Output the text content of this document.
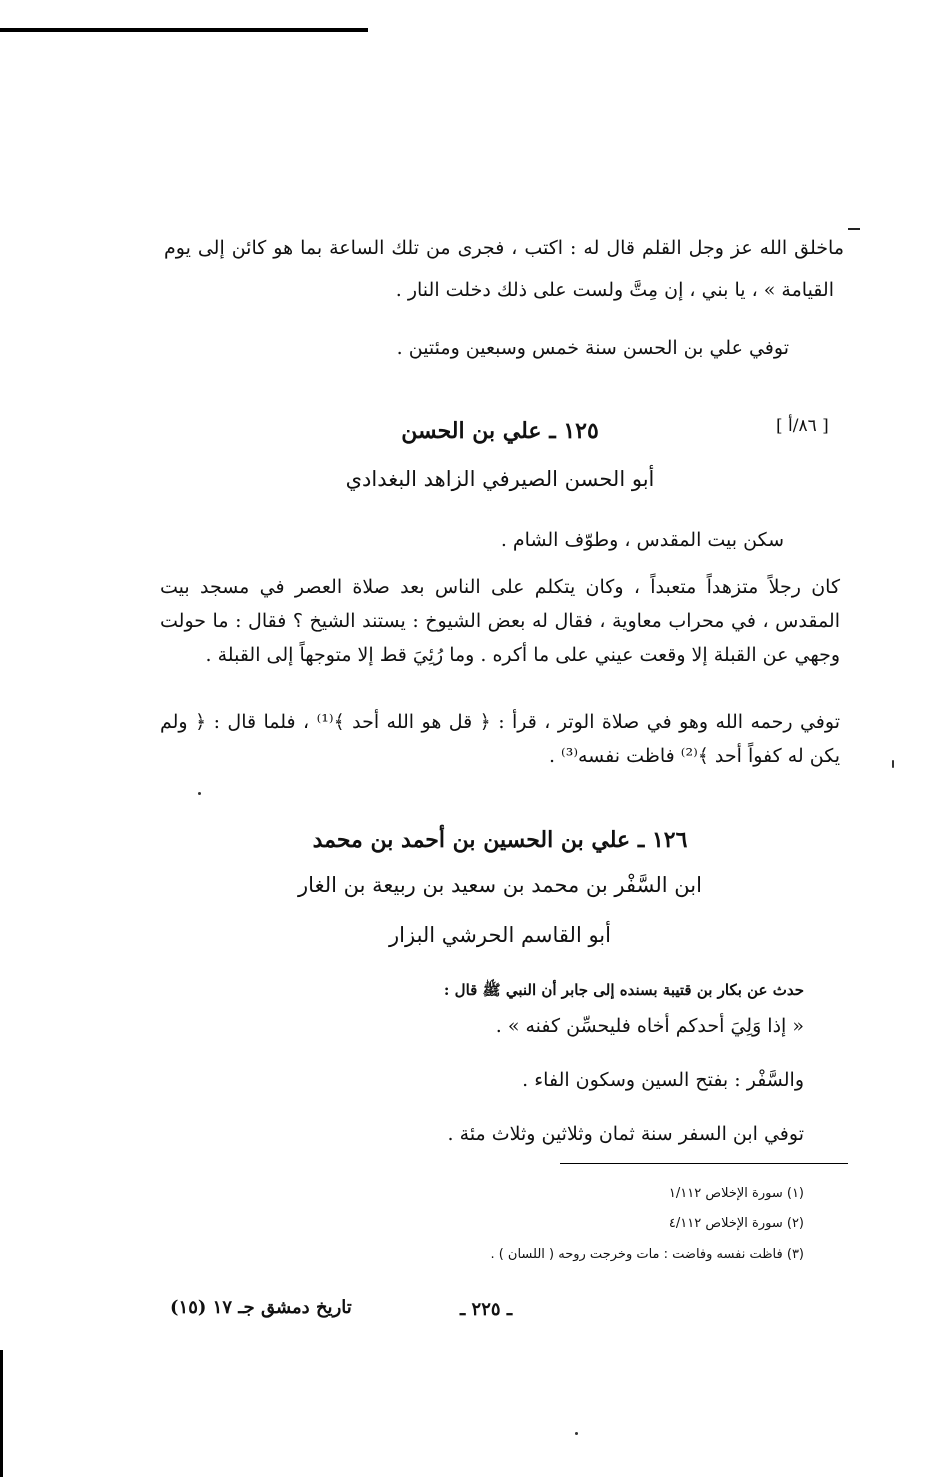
ماخلق الله عز وجل القلم قال له : اكتب ، فجرى من تلك الساعة بما هو كائن إلى يوم
القيامة » ، يا بني ، إن مِتَّ ولست على ذلك دخلت النار .
توفي علي بن الحسن سنة خمس وسبعين ومئتين .
[ ٨٦/أ ]
١٢٥ ـ علي بن الحسن
أبو الحسن الصيرفي الزاهد البغدادي
سكن بيت المقدس ، وطوّف الشام .
كان رجلاً متزهداً متعبداً ، وكان يتكلم على الناس بعد صلاة العصر في مسجد بيت المقدس ، في محراب معاوية ، فقال له بعض الشيوخ : يستند الشيخ ؟ فقال : ما حولت وجهي عن القبلة إلا وقعت عيني على ما أكره . وما رُئِيَ قط إلا متوجهاً إلى القبلة .
توفي رحمه الله وهو في صلاة الوتر ، قرأ : ﴿ قل هو الله أحد ﴾⁽¹⁾ ، فلما قال : ﴿ ولم يكن له كفواً أحد ﴾⁽²⁾ فاظت نفسه⁽³⁾ .
١٢٦ ـ علي بن الحسين بن أحمد بن محمد
ابن السَّفْر بن محمد بن سعيد بن ربيعة بن الغار
أبو القاسم الحرشي البزار
حدث عن بكار بن قتيبة بسنده إلى جابر أن النبي ﷺ قال :
« إذا وَلِيَ أحدكم أخاه فليحسِّن كفنه » .
والسَّفْر : بفتح السين وسكون الفاء .
توفي ابن السفر سنة ثمان وثلاثين وثلاث مئة .
(١) سورة الإخلاص ١/١١٢
(٢) سورة الإخلاص ٤/١١٢
(٣) فاظت نفسه وفاضت : مات وخرجت روحه ( اللسان ) .
ـ ٢٢٥ ـ
تاريخ دمشق جـ ١٧ (١٥)
